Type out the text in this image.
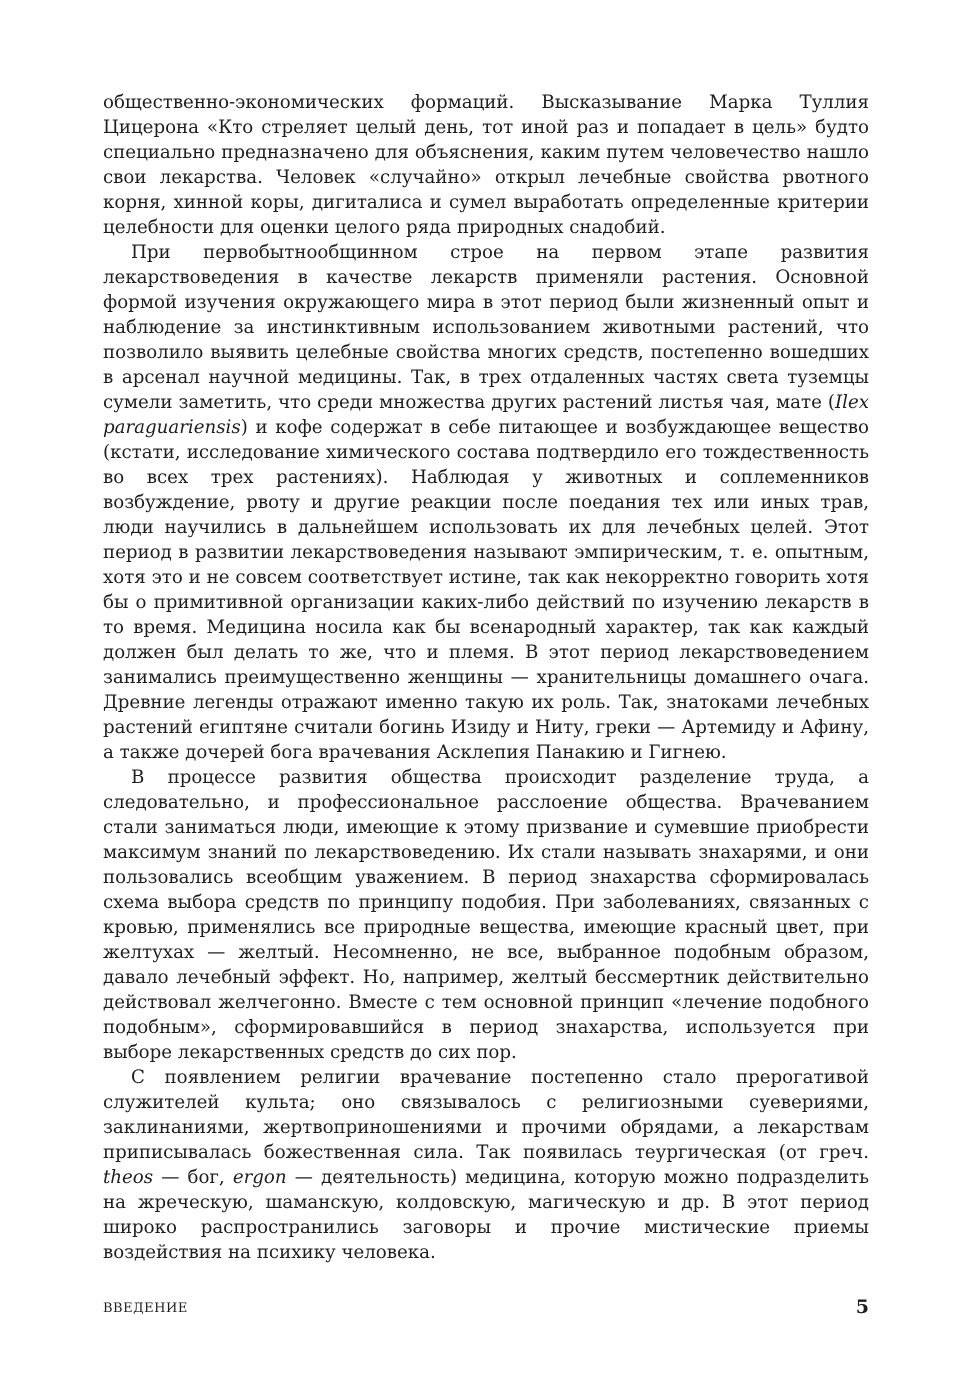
общественно-экономических формаций. Высказывание Марка Туллия Цицерона «Кто стреляет целый день, тот иной раз и попадает в цель» будто специально предназначено для объяснения, каким путем человечество нашло свои лекарства. Человек «случайно» открыл лечебные свойства рвотного корня, хинной коры, дигиталиса и сумел выработать определенные критерии целебности для оценки целого ряда природных снадобий.

При первобытнообщинном строе на первом этапе развития лекарствоведения в качестве лекарств применяли растения. Основной формой изучения окружающего мира в этот период были жизненный опыт и наблюдение за инстинктивным использованием животными растений, что позволило выявить целебные свойства многих средств, постепенно вошедших в арсенал научной медицины. Так, в трех отдаленных частях света туземцы сумели заметить, что среди множества других растений листья чая, мате (Ilex paraguariensis) и кофе содержат в себе питающее и возбуждающее вещество (кстати, исследование химического состава подтвердило его тождественность во всех трех растениях). Наблюдая у животных и соплеменников возбуждение, рвоту и другие реакции после поедания тех или иных трав, люди научились в дальнейшем использовать их для лечебных целей. Этот период в развитии лекарствоведения называют эмпирическим, т. е. опытным, хотя это и не совсем соответствует истине, так как некорректно говорить хотя бы о примитивной организации каких-либо действий по изучению лекарств в то время. Медицина носила как бы всенародный характер, так как каждый должен был делать то же, что и племя. В этот период лекарствоведением занимались преимущественно женщины — хранительницы домашнего очага. Древние легенды отражают именно такую их роль. Так, знатоками лечебных растений египтяне считали богинь Изиду и Ниту, греки — Артемиду и Афину, а также дочерей бога врачевания Асклепия Панакию и Гигнею.

В процессе развития общества происходит разделение труда, а следовательно, и профессиональное расслоение общества. Врачеванием стали заниматься люди, имеющие к этому призвание и сумевшие приобрести максимум знаний по лекарствоведению. Их стали называть знахарями, и они пользовались всеобщим уважением. В период знахарства сформировалась схема выбора средств по принципу подобия. При заболеваниях, связанных с кровью, применялись все природные вещества, имеющие красный цвет, при желтухах — желтый. Несомненно, не все, выбранное подобным образом, давало лечебный эффект. Но, например, желтый бессмертник действительно действовал желчегонно. Вместе с тем основной принцип «лечение подобного подобным», сформировавшийся в период знахарства, используется при выборе лекарственных средств до сих пор.

С появлением религии врачевание постепенно стало прерогативой служителей культа; оно связывалось с религиозными суевериями, заклинаниями, жертвоприношениями и прочими обрядами, а лекарствам приписывалась божественная сила. Так появилась теургическая (от греч. theos — бог, ergon — деятельность) медицина, которую можно подразделить на жреческую, шаманскую, колдовскую, магическую и др. В этот период широко распространились заговоры и прочие мистические приемы воздействия на психику человека.

ВВЕДЕНИЕ	5
